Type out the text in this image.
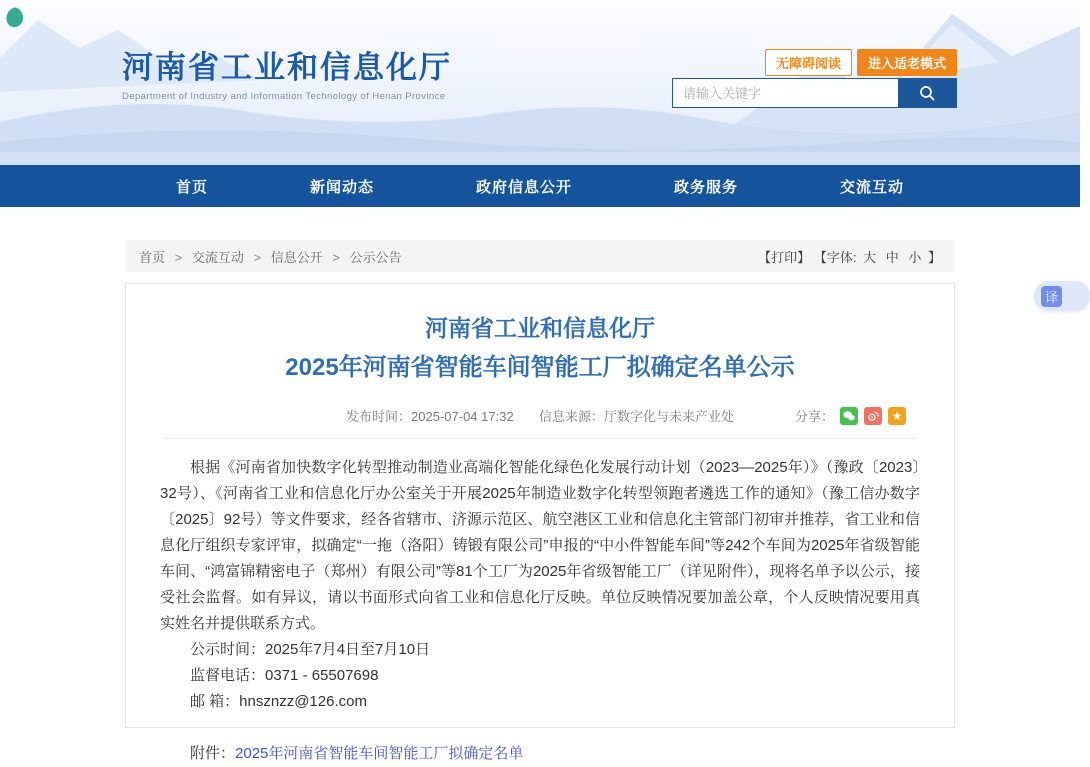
河南省工业和信息化厅
Department of Industry and Information Technology of Henan Province
无障碍阅读	进入适老模式
请输入关键字
首页	新闻动态	政府信息公开	政务服务	交流互动
首页 > 交流互动 > 信息公开 > 公示公告	【打印】 【字体: 大 中 小 】
河南省工业和信息化厅
2025年河南省智能车间智能工厂拟确定名单公示
发布时间：2025-07-04 17:32 信息来源：厅数字化与未来产业处	分享：	★

根据《河南省加快数字化转型推动制造业高端化智能化绿色化发展行动计划（2023—2025年）》（豫政〔2023〕32号）、《河南省工业和信息化厅办公室关于开展2025年制造业数字化转型领跑者遴选工作的通知》（豫工信办数字〔2025〕92号）等文件要求，经各省辖市、济源示范区、航空港区工业和信息化主管部门初审并推荐，省工业和信息化厅组织专家评审，拟确定“一拖（洛阳）铸锻有限公司”申报的“中小件智能车间”等242个车间为2025年省级智能车间、“鸿富锦精密电子（郑州）有限公司”等81个工厂为2025年省级智能工厂（详见附件），现将名单予以公示，接受社会监督。如有异议，请以书面形式向省工业和信息化厅反映。单位反映情况要加盖公章，个人反映情况要用真实姓名并提供联系方式。

公示时间：2025年7月4日至7月10日

监督电话：0371 - 65507698

邮 箱：hnsznzz@126.com

附件：2025年河南省智能车间智能工厂拟确定名单

译
